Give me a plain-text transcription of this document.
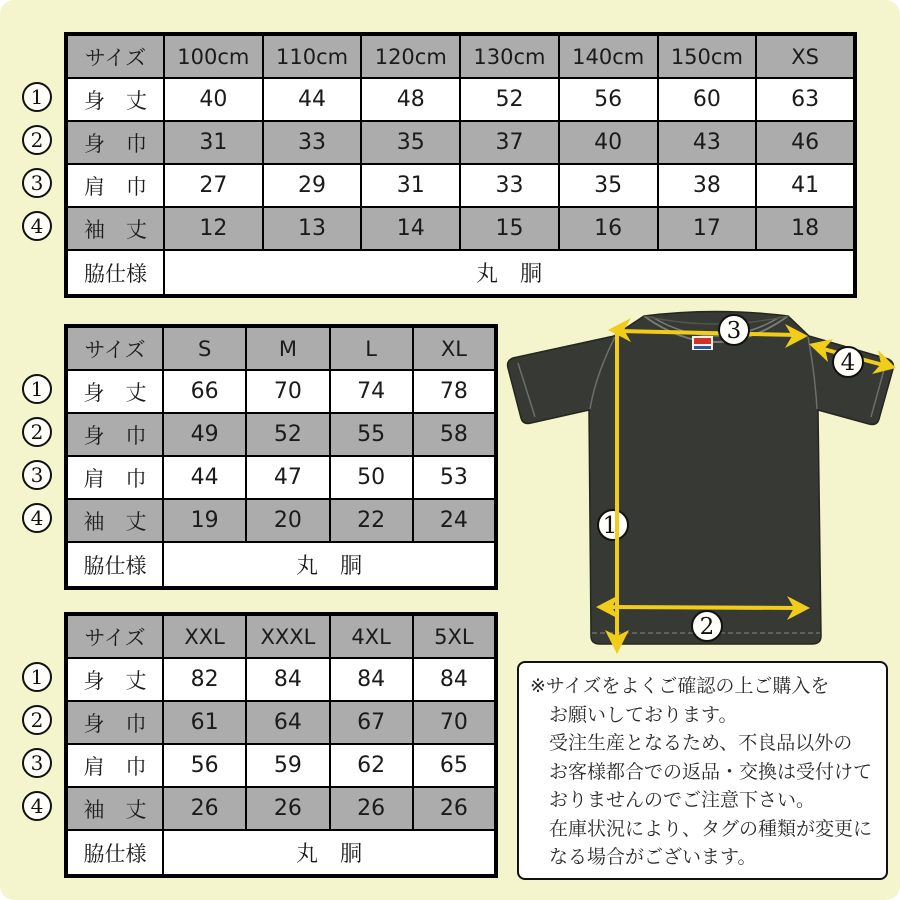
サイズ	100cm	110cm	120cm	130cm	140cm	150cm	XS
身　丈	40	44	48	52	56	60	63
身　巾	31	33	35	37	40	43	46
肩　巾	27	29	31	33	35	38	41
袖　丈	12	13	14	15	16	17	18
脇仕様	丸　胴						
サイズ	S	M	L	XL
身　丈	66	70	74	78
身　巾	49	52	55	58
肩　巾	44	47	50	53
袖　丈	19	20	22	24
脇仕様	丸　胴			
サイズ	XXL	XXXL	4XL	5XL
身　丈	82	84	84	84
身　巾	61	64	67	70
肩　巾	56	59	62	65
袖　丈	26	26	26	26
脇仕様	丸　胴			
1
2
3
4
1
2
3
4
1
2
3
4
1
3
4
2
※サイズをよくご確認の上ご購入を
　お願いしております。
　受注生産となるため、不良品以外の
　お客様都合での返品・交換は受付けて
　おりませんのでご注意下さい。
　在庫状況により、タグの種類が変更に
　なる場合がございます。
